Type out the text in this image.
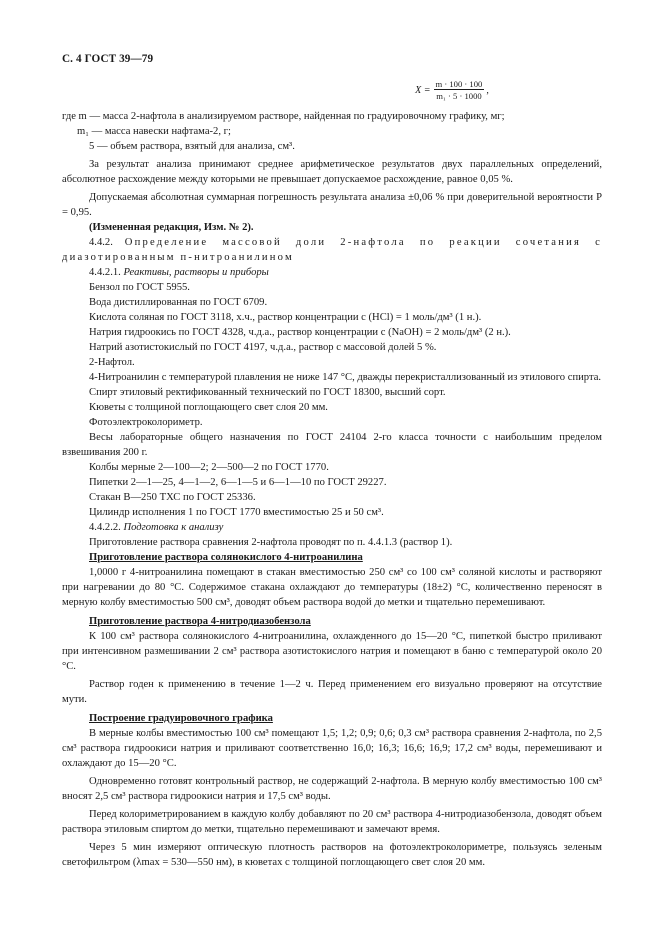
С. 4 ГОСТ 39—79
$X = \frac{m \cdot 100 \cdot 100}{\text{m₁ · 5 · 1000}}$ ,

где m — масса 2-нафтола в анализируемом растворе, найденная по градуировочному графику, мг;

m₁ — масса навески нафтама-2, г;

5 — объем раствора, взятый для анализа, см³.

За результат анализа принимают среднее арифметическое результатов двух параллельных определений, абсолютное расхождение между которыми не превышает допускаемое расхождение, равное 0,05 %.

Допускаемая абсолютная суммарная погрешность результата анализа ±0,06 % при доверительной вероятности P = 0,95.

(Измененная редакция, Изм. № 2).

4.4.2. Определение массовой доли 2-нафтола по реакции сочетания с диазотированным п-нитроанилином

4.4.2.1. Реактивы, растворы и приборы

Бензол по ГОСТ 5955.

Вода дистиллированная по ГОСТ 6709.

Кислота соляная по ГОСТ 3118, х.ч., раствор концентрации c (HCl) = 1 моль/дм³ (1 н.).

Натрия гидроокись по ГОСТ 4328, ч.д.а., раствор концентрации c (NaOH) = 2 моль/дм³ (2 н.).

Натрий азотистокислый по ГОСТ 4197, ч.д.а., раствор с массовой долей 5 %.

2-Нафтол.

4-Нитроанилин с температурой плавления не ниже 147 °С, дважды перекристаллизованный из этилового спирта.

Спирт этиловый ректификованный технический по ГОСТ 18300, высший сорт.

Кюветы с толщиной поглощающего свет слоя 20 мм.

Фотоэлектроколориметр.

Весы лабораторные общего назначения по ГОСТ 24104 2-го класса точности с наибольшим пределом взвешивания 200 г.

Колбы мерные 2—100—2; 2—500—2 по ГОСТ 1770.

Пипетки 2—1—25, 4—1—2, 6—1—5 и 6—1—10 по ГОСТ 29227.

Стакан В—250 ТХС по ГОСТ 25336.

Цилиндр исполнения 1 по ГОСТ 1770 вместимостью 25 и 50 см³.

4.4.2.2. Подготовка к анализу

Приготовление раствора сравнения 2-нафтола проводят по п. 4.4.1.3 (раствор 1).

Приготовление раствора солянокислого 4-нитроанилина

1,0000 г 4-нитроанилина помещают в стакан вместимостью 250 см³ со 100 см³ соляной кислоты и растворяют при нагревании до 80 °С. Содержимое стакана охлаждают до температуры (18±2) °С, количественно переносят в мерную колбу вместимостью 500 см³, доводят объем раствора водой до метки и тщательно перемешивают.

Приготовление раствора 4-нитродиазобензола

К 100 см³ раствора солянокислого 4-нитроанилина, охлажденного до 15—20 °С, пипеткой быстро приливают при интенсивном размешивании 2 см³ раствора азотистокислого натрия и помещают в баню с температурой около 20 °С.

Раствор годен к применению в течение 1—2 ч. Перед применением его визуально проверяют на отсутствие мути.

Построение градуировочного графика

В мерные колбы вместимостью 100 см³ помещают 1,5; 1,2; 0,9; 0,6; 0,3 см³ раствора сравнения 2-нафтола, по 2,5 см³ раствора гидроокиси натрия и приливают соответственно 16,0; 16,3; 16,6; 16,9; 17,2 см³ воды, перемешивают и охлаждают до 15—20 °С.

Одновременно готовят контрольный раствор, не содержащий 2-нафтола. В мерную колбу вместимостью 100 см³ вносят 2,5 см³ раствора гидроокиси натрия и 17,5 см³ воды.

Перед колориметрированием в каждую колбу добавляют по 20 см³ раствора 4-нитродиазобензола, доводят объем раствора этиловым спиртом до метки, тщательно перемешивают и замечают время.

Через 5 мин измеряют оптическую плотность растворов на фотоэлектроколориметре, пользуясь зеленым светофильтром (λmax = 530—550 нм), в кюветах с толщиной поглощающего свет слоя 20 мм.
